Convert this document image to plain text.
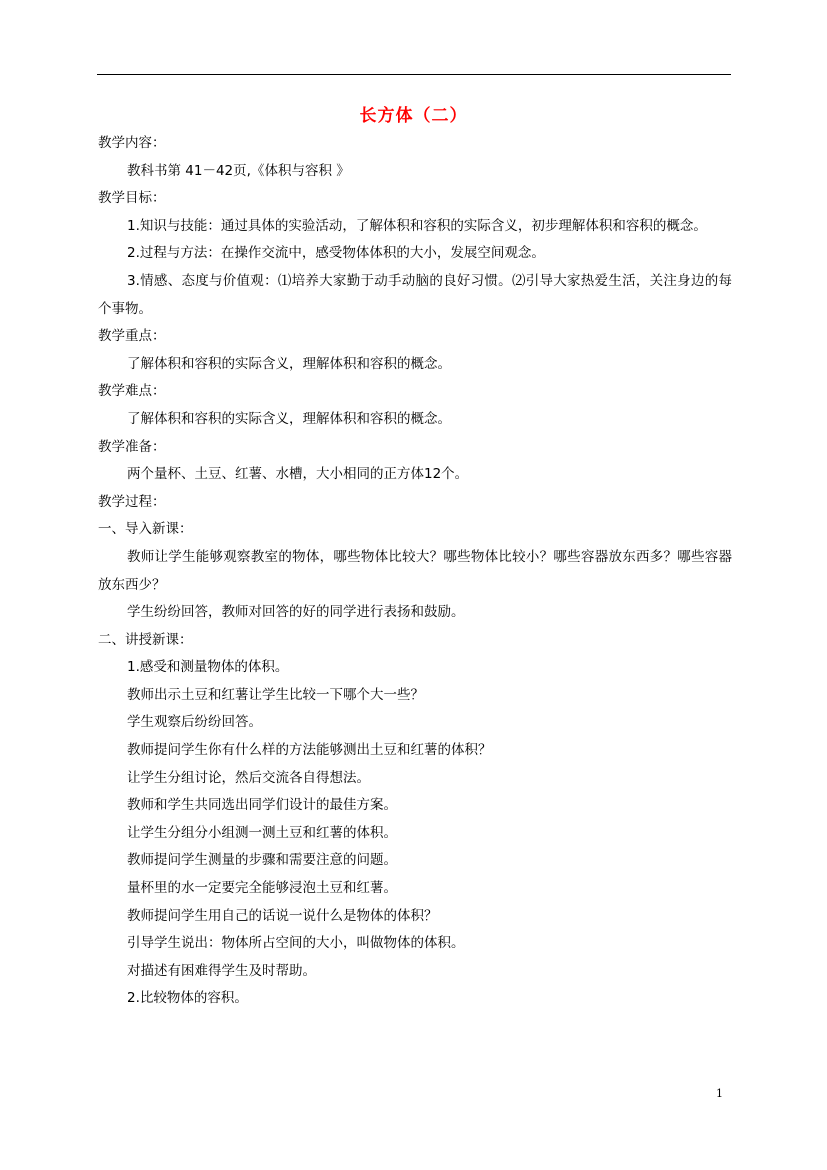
长方体（二）

教学内容：

教科书第 41－42页,《体积与容积 》

教学目标：

1.知识与技能：通过具体的实验活动，了解体积和容积的实际含义，初步理解体积和容积的概念。

2.过程与方法：在操作交流中，感受物体体积的大小，发展空间观念。

3.情感、态度与价值观：⑴培养大家勤于动手动脑的良好习惯。⑵引导大家热爱生活，关注身边的每个事物。

教学重点：

了解体积和容积的实际含义，理解体积和容积的概念。

教学难点：

了解体积和容积的实际含义，理解体积和容积的概念。

教学准备：

两个量杯、土豆、红薯、水槽，大小相同的正方体12个。

教学过程：

一、导入新课：

教师让学生能够观察教室的物体，哪些物体比较大？哪些物体比较小？哪些容器放东西多？哪些容器放东西少？

学生纷纷回答，教师对回答的好的同学进行表扬和鼓励。

二、讲授新课：

1.感受和测量物体的体积。

教师出示土豆和红薯让学生比较一下哪个大一些？

学生观察后纷纷回答。

教师提问学生你有什么样的方法能够测出土豆和红薯的体积？

让学生分组讨论，然后交流各自得想法。

教师和学生共同选出同学们设计的最佳方案。

让学生分组分小组测一测土豆和红薯的体积。

教师提问学生测量的步骤和需要注意的问题。

量杯里的水一定要完全能够浸泡土豆和红薯。

教师提问学生用自己的话说一说什么是物体的体积？

引导学生说出：物体所占空间的大小，叫做物体的体积。

对描述有困难得学生及时帮助。

2.比较物体的容积。

1
